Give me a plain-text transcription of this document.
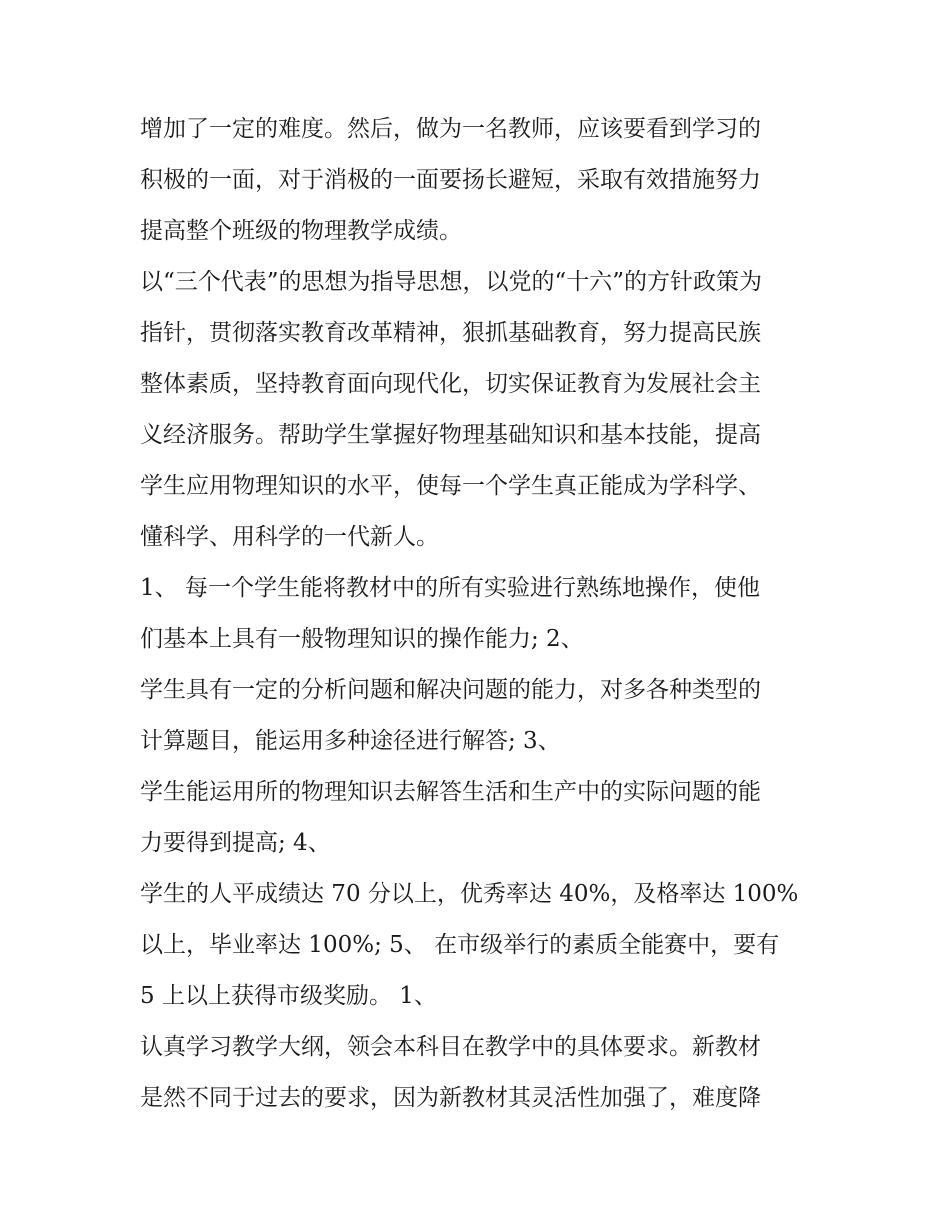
增加了一定的难度。然后，做为一名教师，应该要看到学习的
积极的一面，对于消极的一面要扬长避短，采取有效措施努力
提高整个班级的物理教学成绩。
以“三个代表”的思想为指导思想，以党的“十六”的方针政策为
指针，贯彻落实教育改革精神，狠抓基础教育，努力提高民族
整体素质，坚持教育面向现代化，切实保证教育为发展社会主
义经济服务。帮助学生掌握好物理基础知识和基本技能，提高
学生应用物理知识的水平，使每一个学生真正能成为学科学、
懂科学、用科学的一代新人。
1、 每一个学生能将教材中的所有实验进行熟练地操作，使他
们基本上具有一般物理知识的操作能力; 2、
学生具有一定的分析问题和解决问题的能力，对多各种类型的
计算题目，能运用多种途径进行解答; 3、
学生能运用所的物理知识去解答生活和生产中的实际问题的能
力要得到提高; 4、
学生的人平成绩达 70 分以上，优秀率达 40%，及格率达 100%
以上，毕业率达 100%; 5、 在市级举行的素质全能赛中，要有
5 上以上获得市级奖励。 1、
认真学习教学大纲，领会本科目在教学中的具体要求。新教材
是然不同于过去的要求，因为新教材其灵活性加强了，难度降
